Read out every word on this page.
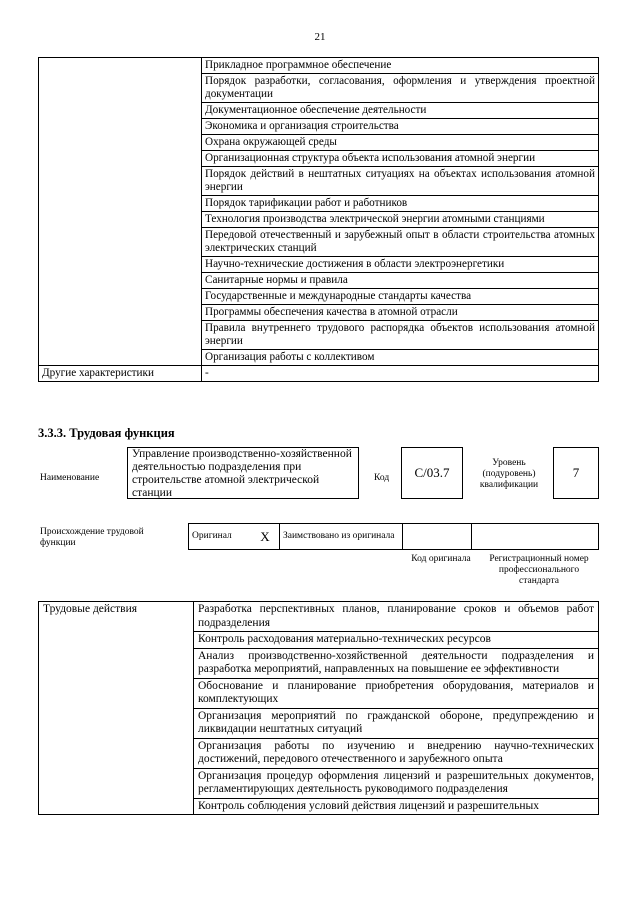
21
	Прикладное программное обеспечение
	Порядок разработки, согласования, оформления и утверждения проектной документации
	Документационное обеспечение деятельности
	Экономика и организация строительства
	Охрана окружающей среды
	Организационная структура объекта использования атомной энергии
	Порядок действий в нештатных ситуациях на объектах использования атомной энергии
	Порядок тарификации работ и работников
	Технология производства электрической энергии атомными станциями
	Передовой отечественный и зарубежный опыт в области строительства атомных электрических станций
	Научно-технические достижения в области электроэнергетики
	Санитарные нормы и правила
	Государственные и международные стандарты качества
	Программы обеспечения качества в атомной отрасли
	Правила внутреннего трудового распорядка объектов использования атомной энергии
	Организация работы с коллективом
Другие характеристики	-
3.3.3. Трудовая функция
Наименование
Управление производственно-хозяйственной деятельностью подразделения при строительстве атомной электрической станции
Код	С/03.7
Уровень (подуровень) квалификации
7
Происхождение трудовой функции
Оригинал	X	Заимствовано из оригинала		
Код оригинала	Регистрационный номер профессионального стандарта
Трудовые действия	Разработка перспективных планов, планирование сроков и объемов работ подразделения
Контроль расходования материально-технических ресурсов
Анализ производственно-хозяйственной деятельности подразделения и разработка мероприятий, направленных на повышение ее эффективности
Обоснование и планирование приобретения оборудования, материалов и комплектующих
Организация мероприятий по гражданской обороне, предупреждению и ликвидации нештатных ситуаций
Организация работы по изучению и внедрению научно-технических достижений, передового отечественного и зарубежного опыта
Организация процедур оформления лицензий и разрешительных документов, регламентирующих деятельность руководимого подразделения
Контроль соблюдения условий действия лицензий и разрешительных
